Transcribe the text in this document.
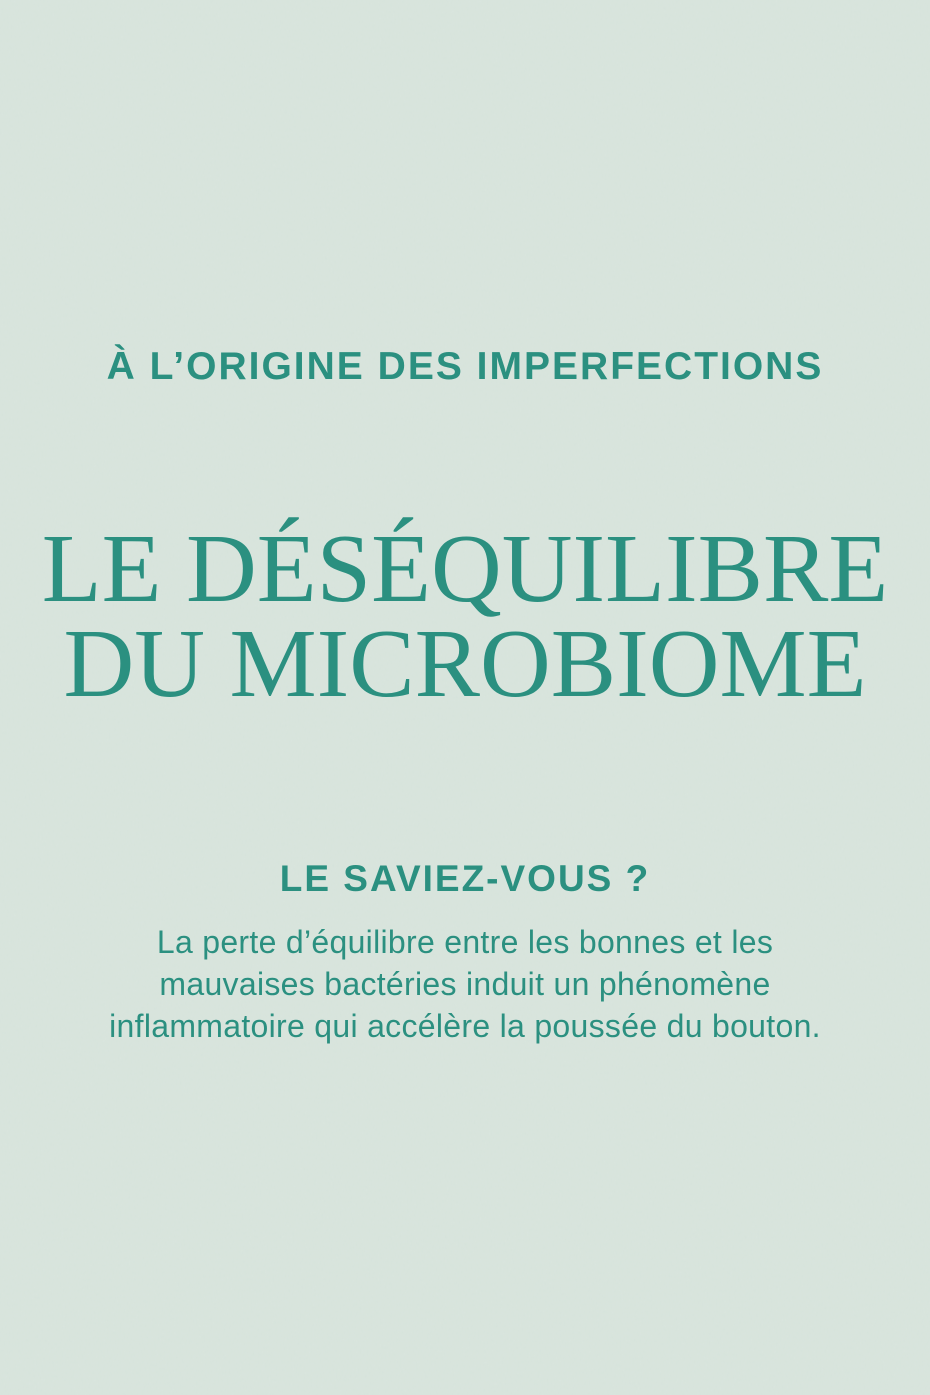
À L’ORIGINE DES IMPERFECTIONS
LE DÉSÉQUILIBRE
DU MICROBIOME
LE SAVIEZ-VOUS ?
La perte d’équilibre entre les bonnes et les
mauvaises bactéries induit un phénomène
inflammatoire qui accélère la poussée du bouton.
